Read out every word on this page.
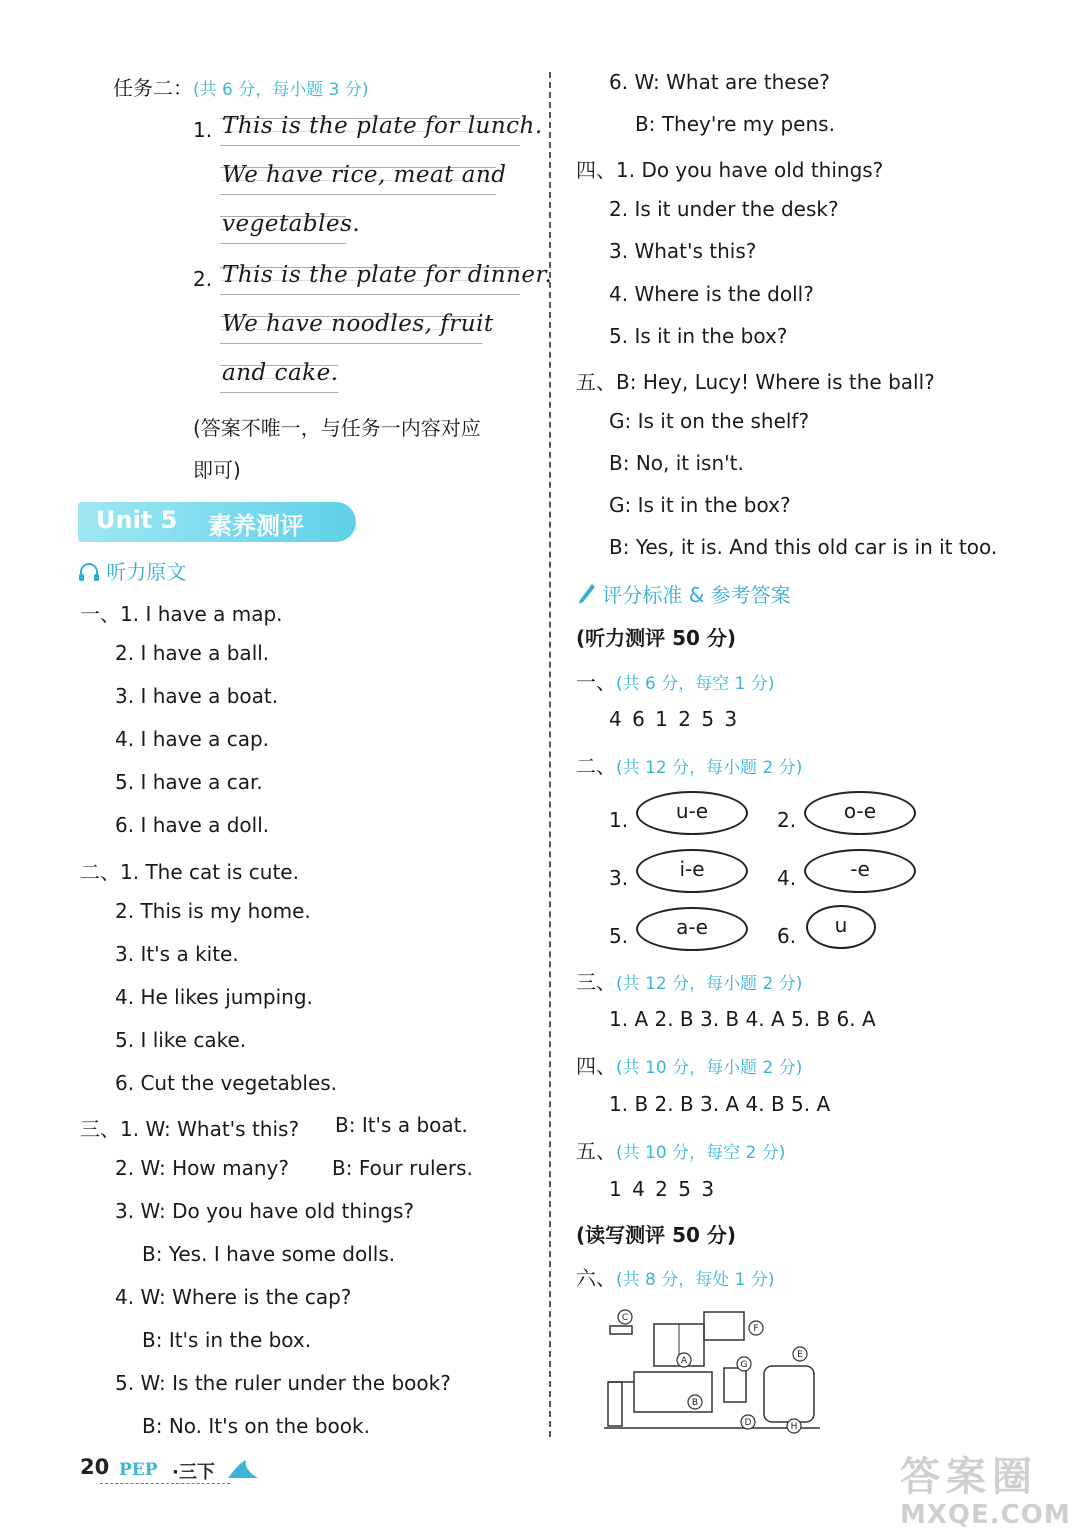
任务二：(共 6 分，每小题 3 分)
1. This is the plate for lunch.
We have rice, meat and
vegetables.
2. This is the plate for dinner.
We have noodles, fruit
and cake.
(答案不唯一，与任务一内容对应
即可)
Unit 5 素养测评
听力原文
一、1. I have a map.
2. I have a ball.
3. I have a boat.
4. I have a cap.
5. I have a car.
6. I have a doll.
二、1. The cat is cute.
2. This is my home.
3. It's a kite.
4. He likes jumping.
5. I like cake.
6. Cut the vegetables.
三、1. W: What's this? B: It's a boat.
2. W: How many? B: Four rulers.
3. W: Do you have old things?
B: Yes. I have some dolls.
4. W: Where is the cap?
B: It's in the box.
5. W: Is the ruler under the book?
B: No. It's on the book.
6. W: What are these?
B: They're my pens.
四、1. Do you have old things?
2. Is it under the desk?
3. What's this?
4. Where is the doll?
5. Is it in the box?
五、B: Hey, Lucy! Where is the ball?
G: Is it on the shelf?
B: No, it isn't.
G: Is it in the box?
B: Yes, it is. And this old car is in it too.
评分标准 & 参考答案
(听力测评 50 分)
一、(共 6 分，每空 1 分)
4 6 1 2 5 3
二、(共 12 分，每小题 2 分)
1.	u-e	2.	o-e
3.	i-e	4.	-e
5.	a-e	6.	u
三、(共 12 分，每小题 2 分)
1. A 2. B 3. B 4. A 5. B 6. A
四、(共 10 分，每小题 2 分)
1. B 2. B 3. A 4. B 5. A
五、(共 10 分，每空 2 分)
1 4 2 5 3
(读写测评 50 分)
六、(共 8 分，每处 1 分)
C
F
A	G
E
B
D	H
20 PEP ·三下	答案圈
MXQE.COM
